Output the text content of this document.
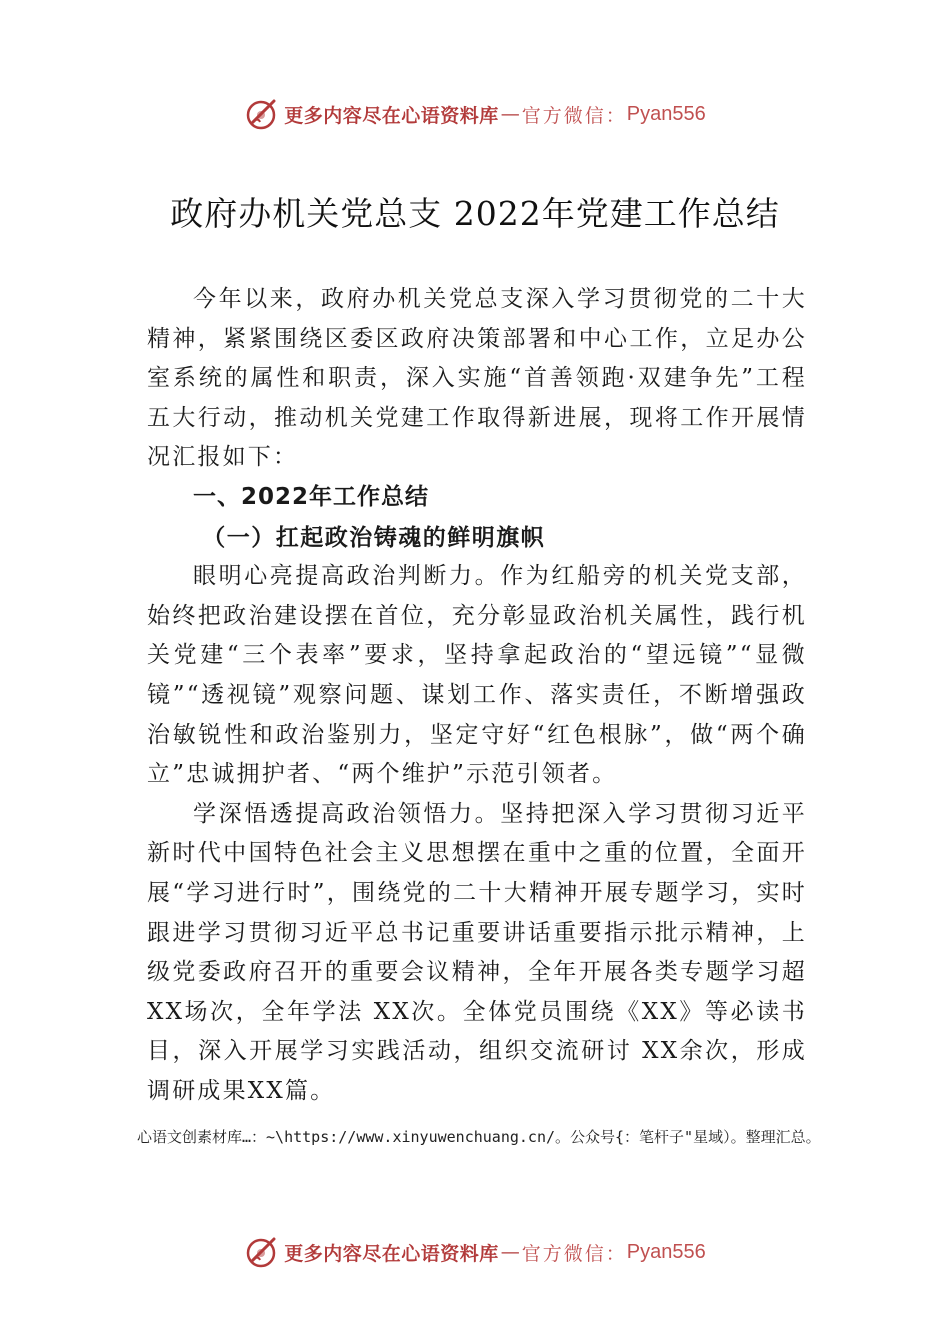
更多内容尽在心语资料库 — 官方微信： Pyan556
政府办机关党总支 2022年党建工作总结

今年以来，政府办机关党总支深入学习贯彻党的二十大精神，紧紧围绕区委区政府决策部署和中心工作，立足办公室系统的属性和职责，深入实施“首善领跑·双建争先”工程五大行动，推动机关党建工作取得新进展，现将工作开展情况汇报如下：

一、2022年工作总结

（一）扛起政治铸魂的鲜明旗帜

眼明心亮提高政治判断力。作为红船旁的机关党支部，始终把政治建设摆在首位，充分彰显政治机关属性，践行机关党建“三个表率”要求，坚持拿起政治的“望远镜”“显微镜”“透视镜”观察问题、谋划工作、落实责任，不断增强政治敏锐性和政治鉴别力，坚定守好“红色根脉”，做“两个确立”忠诚拥护者、“两个维护”示范引领者。

学深悟透提高政治领悟力。坚持把深入学习贯彻习近平新时代中国特色社会主义思想摆在重中之重的位置，全面开展“学习进行时”，围绕党的二十大精神开展专题学习，实时跟进学习贯彻习近平总书记重要讲话重要指示批示精神，上级党委政府召开的重要会议精神，全年开展各类专题学习超XX场次，全年学法 XX次。全体党员围绕《XX》等必读书目，深入开展学习实践活动，组织交流研讨 XX余次，形成调研成果XX篇。

心语文创素材库…：~\https://www.xinyuwenchuang.cn/。公众号{：笔杆子"星域）。整理汇总。
更多内容尽在心语资料库 — 官方微信： Pyan556
